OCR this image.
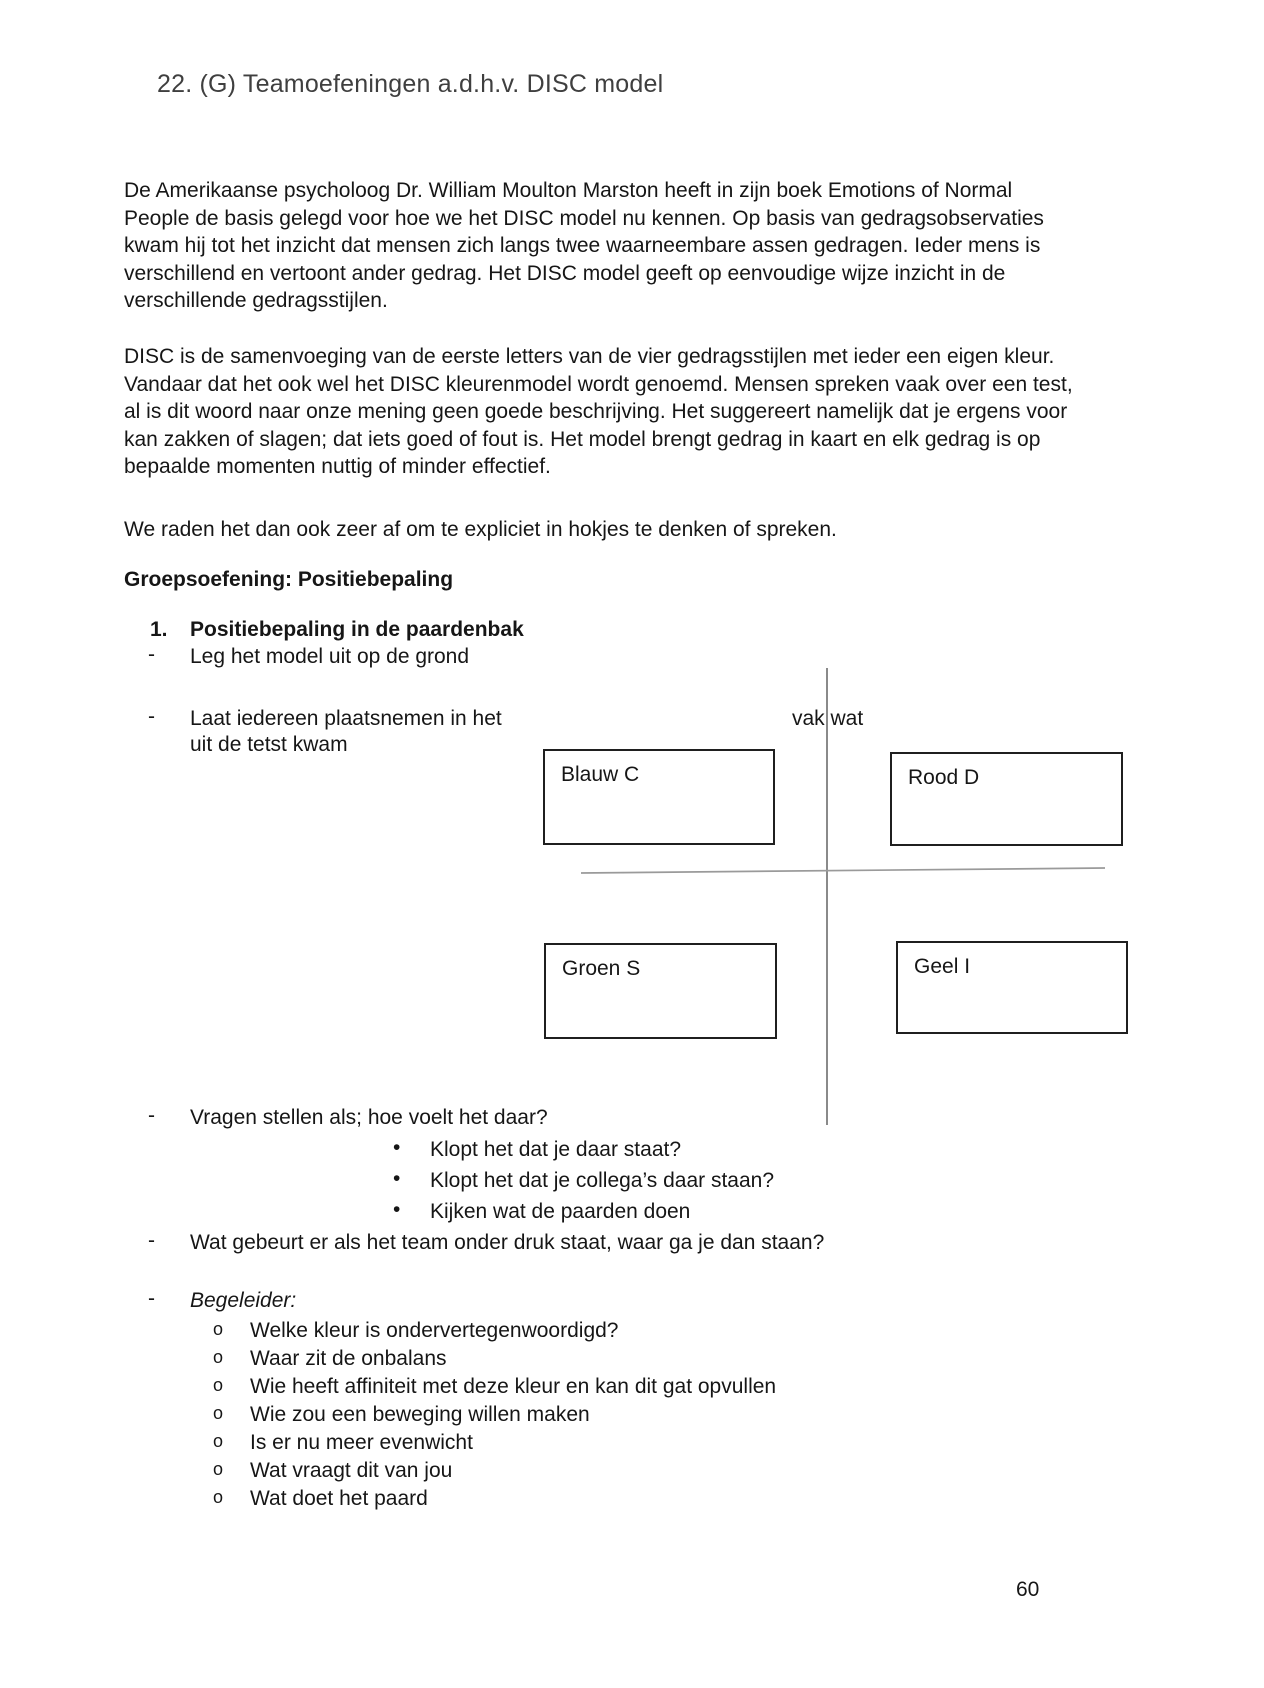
22. (G) Teamoefeningen a.d.h.v. DISC model
De Amerikaanse psycholoog Dr. William Moulton Marston heeft in zijn boek Emotions of Normal
People de basis gelegd voor hoe we het DISC model nu kennen. Op basis van gedragsobservaties
kwam hij tot het inzicht dat mensen zich langs twee waarneembare assen gedragen. Ieder mens is
verschillend en vertoont ander gedrag. Het DISC model geeft op eenvoudige wijze inzicht in de
verschillende gedragsstijlen.
DISC is de samenvoeging van de eerste letters van de vier gedragsstijlen met ieder een eigen kleur.
Vandaar dat het ook wel het DISC kleurenmodel wordt genoemd. Mensen spreken vaak over een test,
al is dit woord naar onze mening geen goede beschrijving. Het suggereert namelijk dat je ergens voor
kan zakken of slagen; dat iets goed of fout is. Het model brengt gedrag in kaart en elk gedrag is op
bepaalde momenten nuttig of minder effectief.
We raden het dan ook zeer af om te expliciet in hokjes te denken of spreken.
Groepsoefening: Positiebepaling
1. Positiebepaling in de paardenbak
- Leg het model uit op de grond
- Laat iedereen plaatsnemen in het	vak wat
uit de tetst kwam
Blauw C	Rood D
Groen S	Geel I
- Vragen stellen als; hoe voelt het daar?
• Klopt het dat je daar staat?
• Klopt het dat je collega’s daar staan?
• Kijken wat de paarden doen
- Wat gebeurt er als het team onder druk staat, waar ga je dan staan?
- Begeleider:
o Welke kleur is ondervertegenwoordigd?
o Waar zit de onbalans
o Wie heeft affiniteit met deze kleur en kan dit gat opvullen
o Wie zou een beweging willen maken
o Is er nu meer evenwicht
o Wat vraagt dit van jou
o Wat doet het paard
60
